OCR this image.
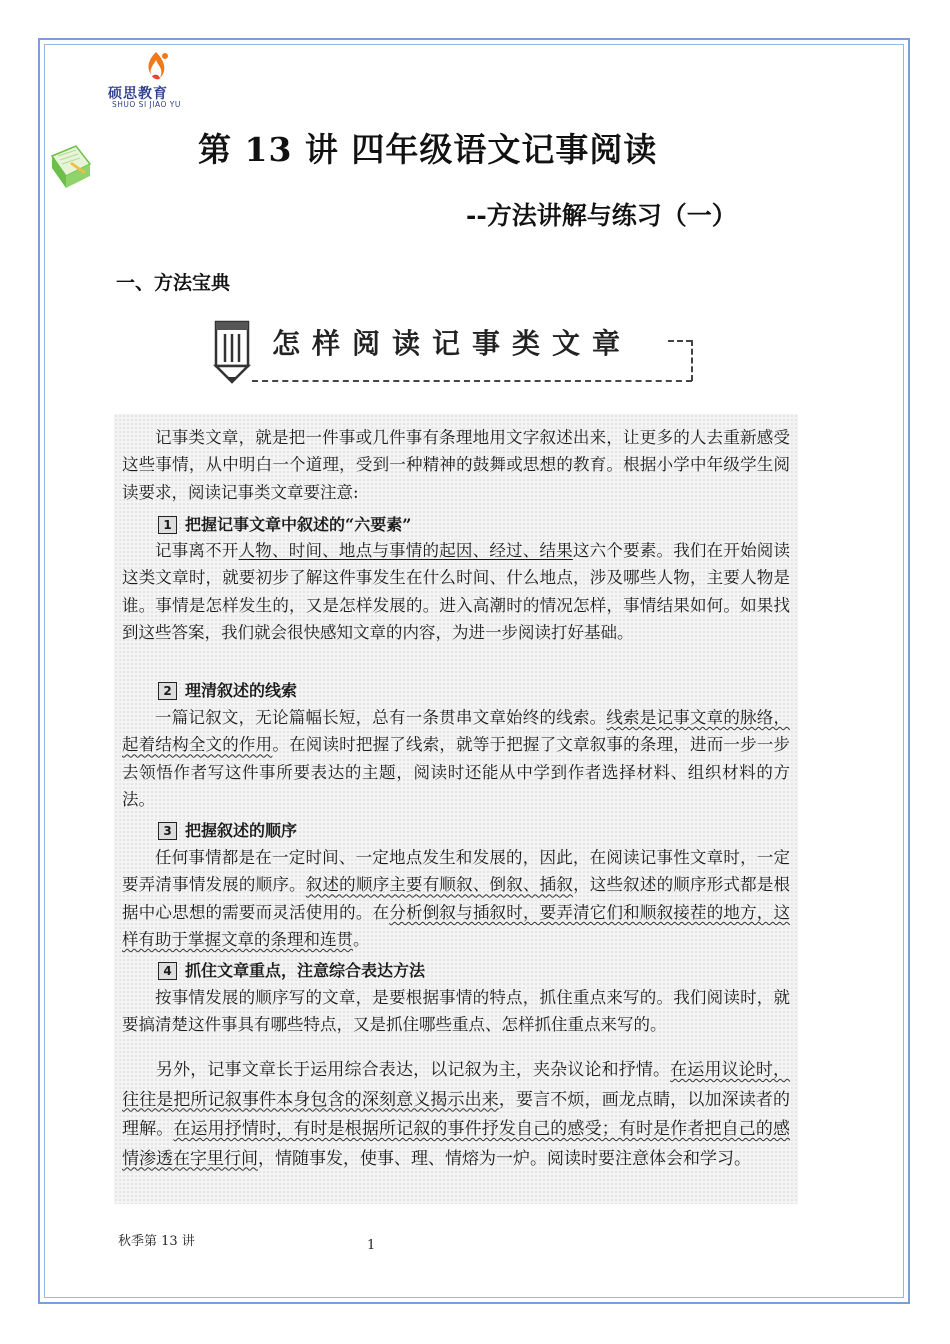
硕思教育
SHUO SI JIAO YU
第 13 讲 四年级语文记事阅读
--方法讲解与练习（一）
一、方法宝典
怎样阅读记事类文章
记事类文章，就是把一件事或几件事有条理地用文字叙述出来，让更多的人去重新感受这些事情，从中明白一个道理，受到一种精神的鼓舞或思想的教育。根据小学中年级学生阅读要求，阅读记事类文章要注意:
1 把握记事文章中叙述的“六要素”
记事离不开人物、时间、地点与事情的起因、经过、结果这六个要素。我们在开始阅读这类文章时，就要初步了解这件事发生在什么时间、什么地点，涉及哪些人物，主要人物是谁。事情是怎样发生的，又是怎样发展的。进入高潮时的情况怎样，事情结果如何。如果找到这些答案，我们就会很快感知文章的内容，为进一步阅读打好基础。
2 理清叙述的线索
一篇记叙文，无论篇幅长短，总有一条贯串文章始终的线索。线索是记事文章的脉络，起着结构全文的作用。在阅读时把握了线索，就等于把握了文章叙事的条理，进而一步一步去领悟作者写这件事所要表达的主题，阅读时还能从中学到作者选择材料、组织材料的方法。
3 把握叙述的顺序
任何事情都是在一定时间、一定地点发生和发展的，因此，在阅读记事性文章时，一定要弄清事情发展的顺序。叙述的顺序主要有顺叙、倒叙、插叙，这些叙述的顺序形式都是根据中心思想的需要而灵活使用的。在分析倒叙与插叙时，要弄清它们和顺叙接茬的地方，这样有助于掌握文章的条理和连贯。
4 抓住文章重点，注意综合表达方法
按事情发展的顺序写的文章，是要根据事情的特点，抓住重点来写的。我们阅读时，就要搞清楚这件事具有哪些特点，又是抓住哪些重点、怎样抓住重点来写的。
另外，记事文章长于运用综合表达，以记叙为主，夹杂议论和抒情。在运用议论时，往往是把所记叙事件本身包含的深刻意义揭示出来，要言不烦，画龙点睛，以加深读者的理解。在运用抒情时，有时是根据所记叙的事件抒发自己的感受；有时是作者把自己的感情渗透在字里行间，情随事发，使事、理、情熔为一炉。阅读时要注意体会和学习。
秋季第 13 讲	1
